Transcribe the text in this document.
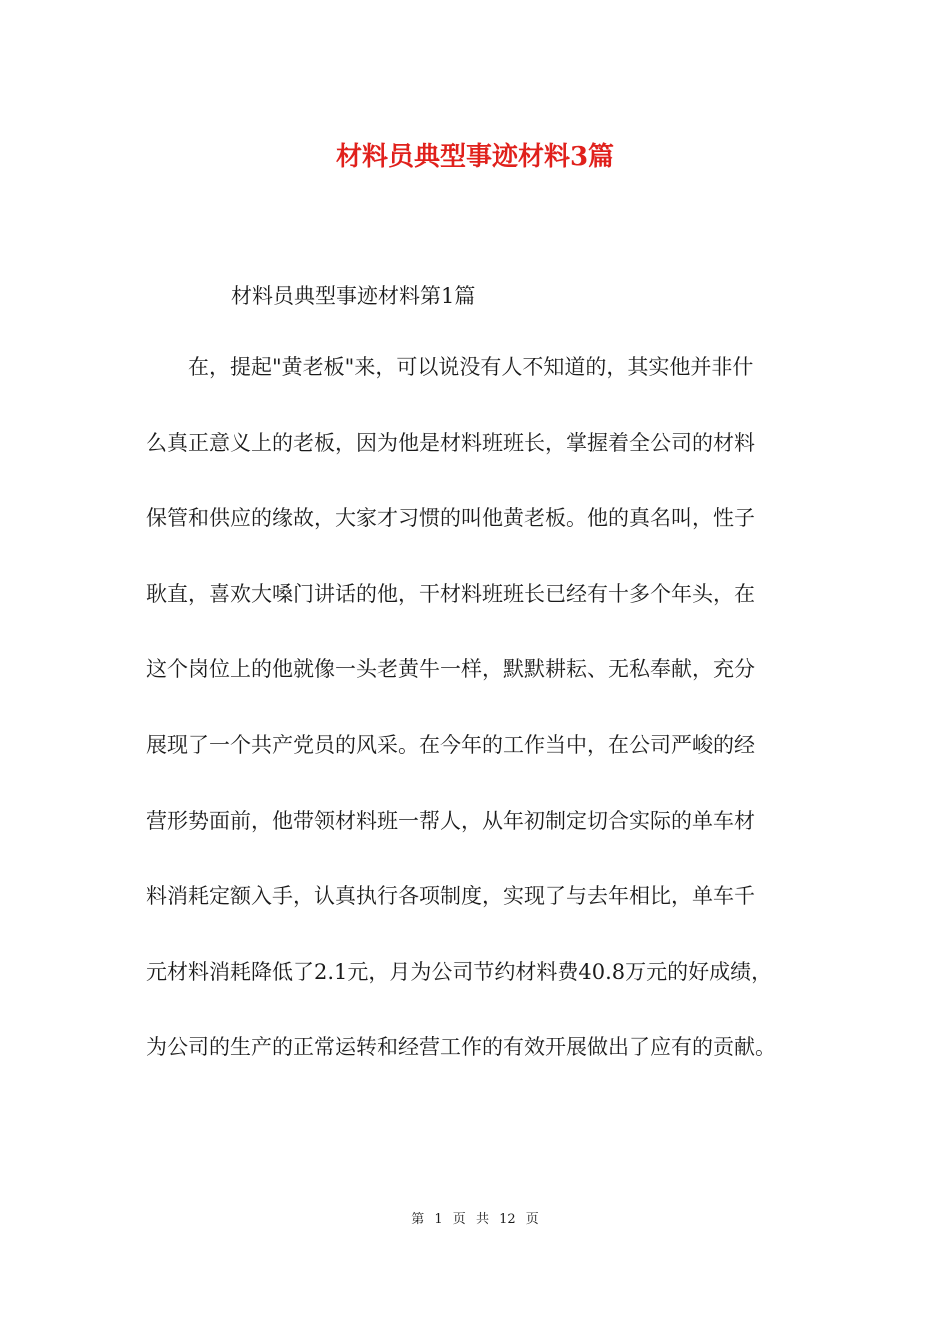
材料员典型事迹材料3篇

材料员典型事迹材料第1篇

在，提起"黄老板"来，可以说没有人不知道的，其实他并非什
么真正意义上的老板，因为他是材料班班长，掌握着全公司的材料
保管和供应的缘故，大家才习惯的叫他黄老板。他的真名叫，性子
耿直，喜欢大嗓门讲话的他，干材料班班长已经有十多个年头，在
这个岗位上的他就像一头老黄牛一样，默默耕耘、无私奉献，充分
展现了一个共产党员的风采。在今年的工作当中，在公司严峻的经
营形势面前，他带领材料班一帮人，从年初制定切合实际的单车材
料消耗定额入手，认真执行各项制度，实现了与去年相比，单车千
元材料消耗降低了2.1元，月为公司节约材料费40.8万元的好成绩，
为公司的生产的正常运转和经营工作的有效开展做出了应有的贡献。
第 1 页 共 12 页
